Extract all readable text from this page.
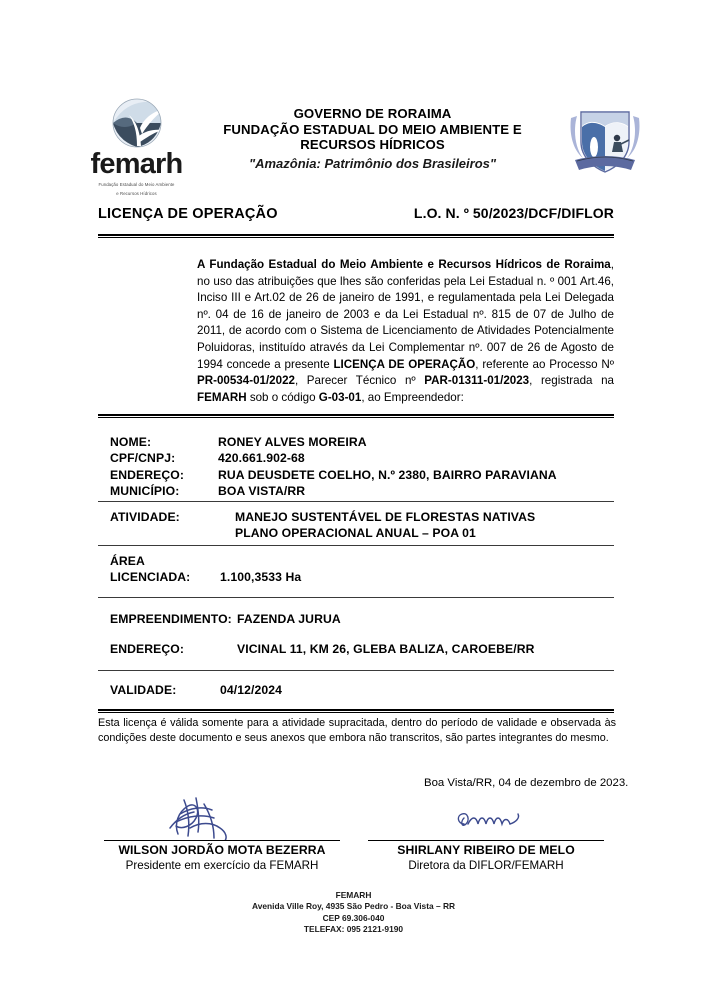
femarh
Fundação Estadual do Meio Ambiente
e Recursos Hídricos
GOVERNO DE RORAIMA
FUNDAÇÃO ESTADUAL DO MEIO AMBIENTE E
RECURSOS HÍDRICOS
"Amazônia: Patrimônio dos Brasileiros"
LICENÇA DE OPERAÇÃO	L.O. N. º 50/2023/DCF/DIFLOR
A Fundação Estadual do Meio Ambiente e Recursos Hídricos de Roraima, no uso das atribuições que lhes são conferidas pela Lei Estadual n. º 001 Art.46, Inciso III e Art.02 de 26 de janeiro de 1991, e regulamentada pela Lei Delegada nº. 04 de 16 de janeiro de 2003 e da Lei Estadual nº. 815 de 07 de Julho de 2011, de acordo com o Sistema de Licenciamento de Atividades Potencialmente Poluidoras, instituído através da Lei Complementar nº. 007 de 26 de Agosto de 1994 concede a presente LICENÇA DE OPERAÇÃO, referente ao Processo Nº PR-00534-01/2022, Parecer Técnico nº PAR-01311-01/2023, registrada na FEMARH sob o código G-03-01, ao Empreendedor:
NOME:	RONEY ALVES MOREIRA
CPF/CNPJ:	420.661.902-68
ENDEREÇO:	RUA DEUSDETE COELHO, N.º 2380, BAIRRO PARAVIANA
MUNICÍPIO:	BOA VISTA/RR
ATIVIDADE:	MANEJO SUSTENTÁVEL DE FLORESTAS NATIVAS
PLANO OPERACIONAL ANUAL – POA 01
ÁREA
LICENCIADA:	1.100,3533 Ha
EMPREENDIMENTO: FAZENDA JURUA
ENDEREÇO:	VICINAL 11, KM 26, GLEBA BALIZA, CAROEBE/RR
VALIDADE:	04/12/2024
Esta licença é válida somente para a atividade supracitada, dentro do período de validade e observada às condições deste documento e seus anexos que embora não transcritos, são partes integrantes do mesmo.
Boa Vista/RR, 04 de dezembro de 2023.
WILSON JORDÃO MOTA BEZERRA
Presidente em exercício da FEMARH
SHIRLANY RIBEIRO DE MELO
Diretora da DIFLOR/FEMARH
FEMARH
Avenida Ville Roy, 4935 São Pedro - Boa Vista – RR
CEP 69.306-040
TELEFAX: 095 2121-9190
